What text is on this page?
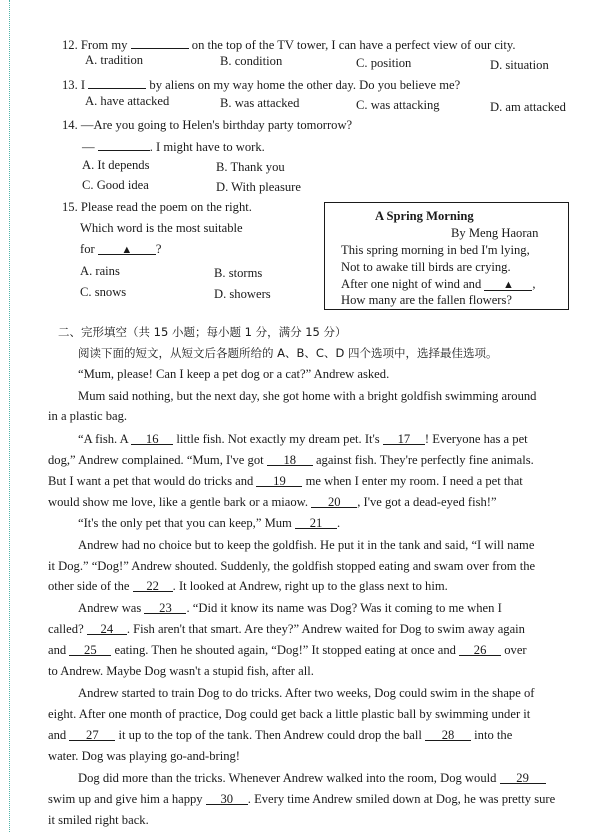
12. From my	on the top of the TV tower, I can have a perfect view of our city.
A. tradition	B. condition	C. position	D. situation
13. I	by aliens on my way home the other day. Do you believe me?
A. have attacked	B. was attacked	C. was attacking	D. am attacked
14. —Are you going to Helen's birthday party tomorrow?
—	. I might have to work.
A. It depends	B. Thank you
C. Good idea	D. With pleasure
15. Please read the poem on the right.
Which word is the most suitable
for ▲ ?
A. rains	B. storms
C. snows	D. showers
A Spring Morning
By Meng Haoran
This spring morning in bed I'm lying,
Not to awake till birds are crying.
After one night of wind and ▲ ,
How many are the fallen flowers?
二、完形填空（共 15 小题；每小题 1 分，满分 15 分）
阅读下面的短文，从短文后各题所给的 A、B、C、D 四个选项中，选择最佳选项。
“Mum, please! Can I keep a pet dog or a cat?” Andrew asked.
Mum said nothing, but the next day, she got home with a bright goldfish swimming around
in a plastic bag.
“A fish. A 16 little fish. Not exactly my dream pet. It's 17 ! Everyone has a pet
dog,” Andrew complained. “Mum, I've got 18 against fish. They're perfectly fine animals.
But I want a pet that would do tricks and 19 me when I enter my room. I need a pet that
would show me love, like a gentle bark or a miaow. 20 , I've got a dead-eyed fish!”
“It's the only pet that you can keep,” Mum 21 .
Andrew had no choice but to keep the goldfish. He put it in the tank and said, “I will name
it Dog.” “Dog!” Andrew shouted. Suddenly, the goldfish stopped eating and swam over from the
other side of the 22 . It looked at Andrew, right up to the glass next to him.
Andrew was 23 . “Did it know its name was Dog? Was it coming to me when I
called? 24 . Fish aren't that smart. Are they?” Andrew waited for Dog to swim away again
and 25 eating. Then he shouted again, “Dog!” It stopped eating at once and 26 over
to Andrew. Maybe Dog wasn't a stupid fish, after all.
Andrew started to train Dog to do tricks. After two weeks, Dog could swim in the shape of
eight. After one month of practice, Dog could get back a little plastic ball by swimming under it
and 27 it up to the top of the tank. Then Andrew could drop the ball 28 into the
water. Dog was playing go-and-bring!
Dog did more than the tricks. Whenever Andrew walked into the room, Dog would 29
swim up and give him a happy 30 . Every time Andrew smiled down at Dog, he was pretty sure
it smiled right back.
